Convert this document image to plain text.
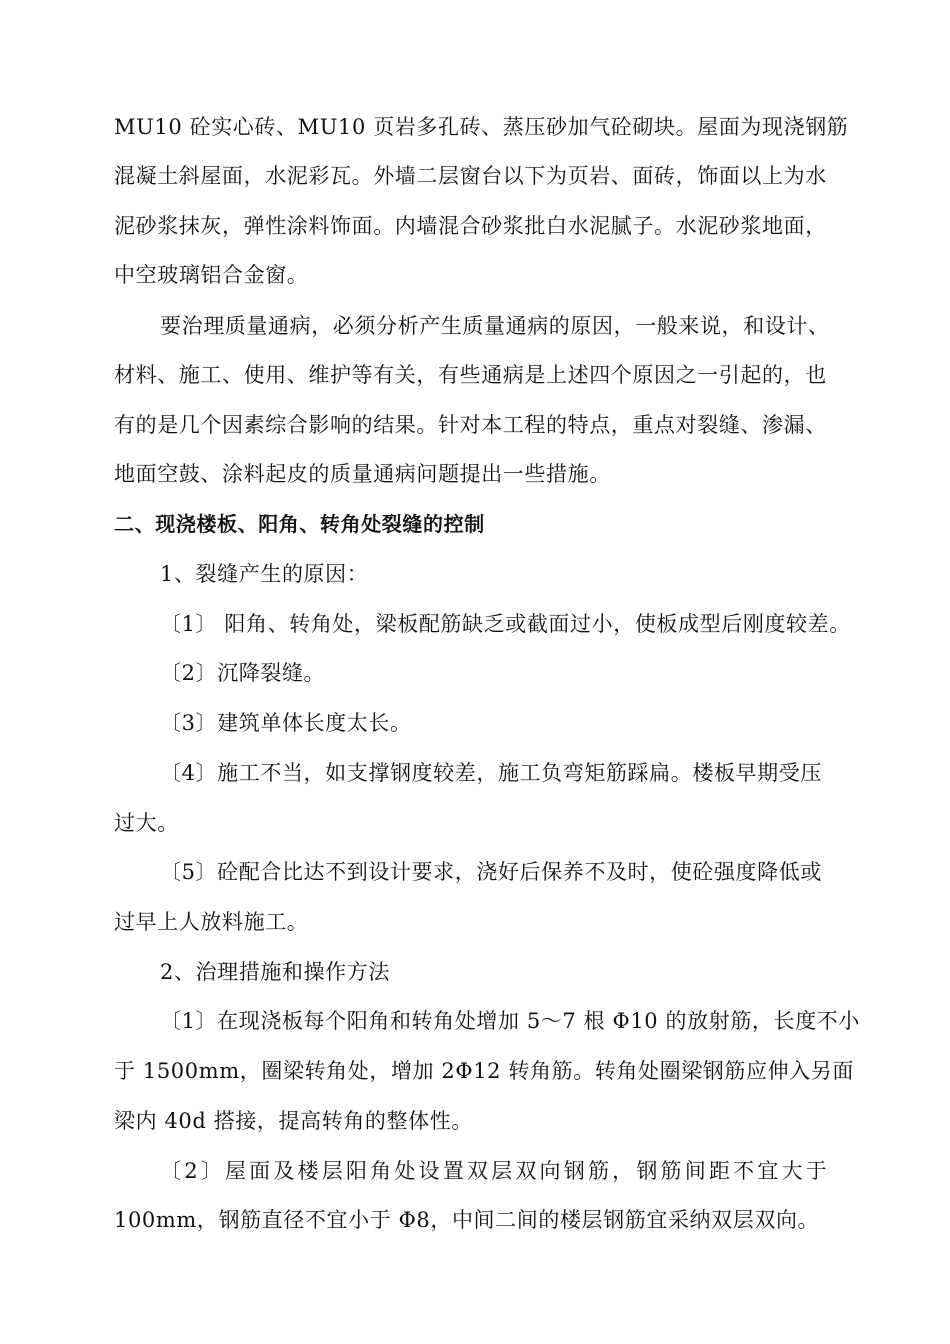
MU10 砼实心砖、MU10 页岩多孔砖、蒸压砂加气砼砌块。屋面为现浇钢筋
混凝土斜屋面，水泥彩瓦。外墙二层窗台以下为页岩、面砖，饰面以上为水
泥砂浆抹灰，弹性涂料饰面。内墙混合砂浆批白水泥腻子。水泥砂浆地面，
中空玻璃铝合金窗。
要治理质量通病，必须分析产生质量通病的原因，一般来说，和设计、
材料、施工、使用、维护等有关，有些通病是上述四个原因之一引起的，也
有的是几个因素综合影响的结果。针对本工程的特点，重点对裂缝、渗漏、
地面空鼓、涂料起皮的质量通病问题提出一些措施。
二、现浇楼板、阳角、转角处裂缝的控制
1、裂缝产生的原因：
〔1〕 阳角、转角处，梁板配筋缺乏或截面过小，使板成型后刚度较差。
〔2〕沉降裂缝。
〔3〕建筑单体长度太长。
〔4〕施工不当，如支撑钢度较差，施工负弯矩筋踩扁。楼板早期受压
过大。
〔5〕砼配合比达不到设计要求，浇好后保养不及时，使砼强度降低或
过早上人放料施工。
2、治理措施和操作方法
〔1〕在现浇板每个阳角和转角处增加 5～7 根 Φ10 的放射筋，长度不小
于 1500mm，圈梁转角处，增加 2Φ12 转角筋。转角处圈梁钢筋应伸入另面
梁内 40d 搭接，提高转角的整体性。
〔2〕屋面及楼层阳角处设置双层双向钢筋，钢筋间距不宜大于
100mm，钢筋直径不宜小于 Φ8，中间二间的楼层钢筋宜采纳双层双向。
